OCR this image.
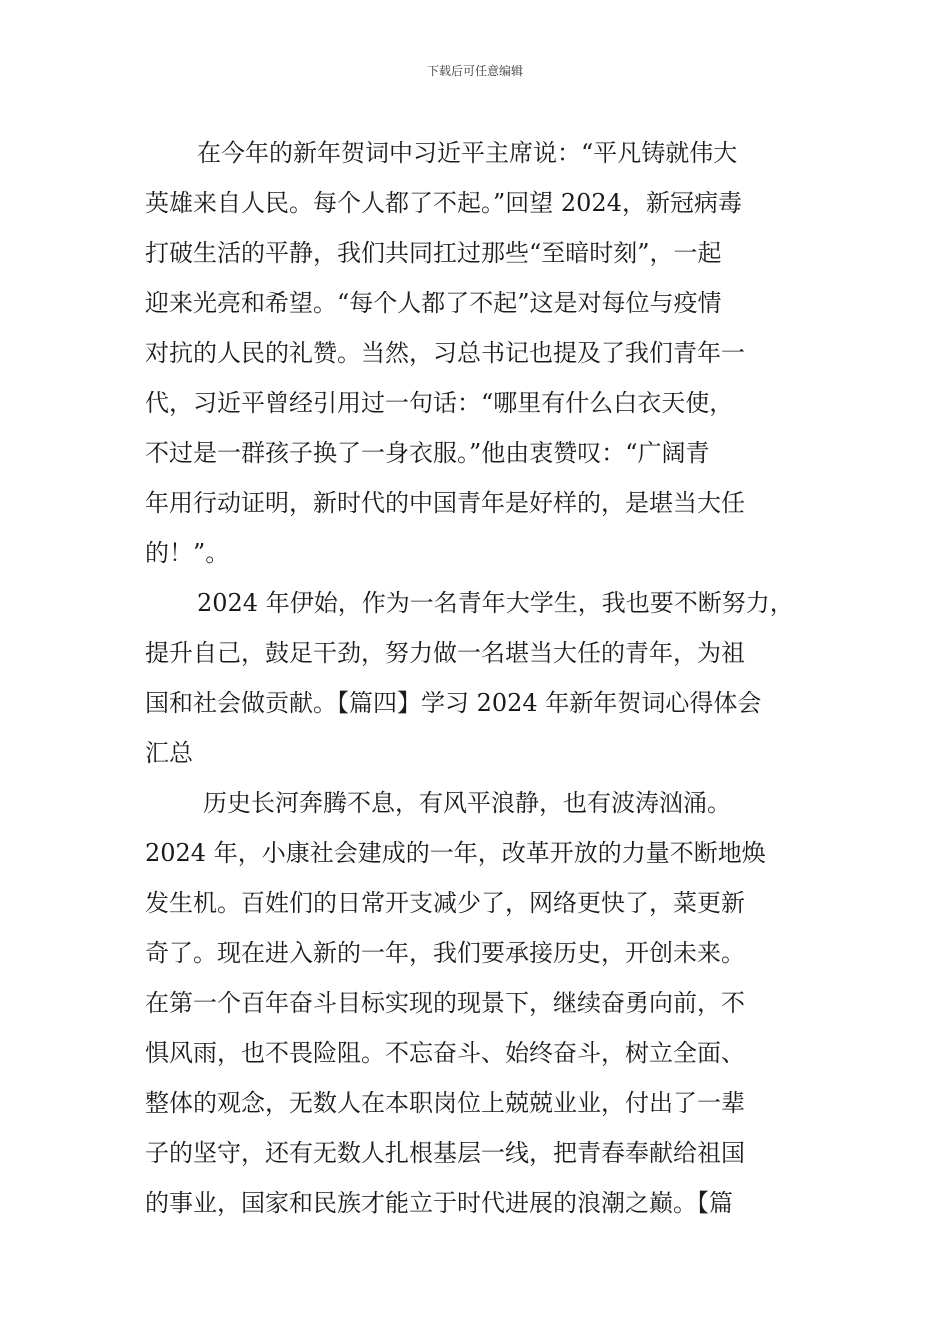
下载后可任意编辑
在今年的新年贺词中习近平主席说：“平凡铸就伟大
英雄来自人民。每个人都了不起。”回望 2024，新冠病毒
打破生活的平静，我们共同扛过那些“至暗时刻”，一起
迎来光亮和希望。“每个人都了不起”这是对每位与疫情
对抗的人民的礼赞。当然，习总书记也提及了我们青年一
代，习近平曾经引用过一句话：“哪里有什么白衣天使，
不过是一群孩子换了一身衣服。”他由衷赞叹：“广阔青
年用行动证明，新时代的中国青年是好样的，是堪当大任
的！”。
2024 年伊始，作为一名青年大学生，我也要不断努力，
提升自己，鼓足干劲，努力做一名堪当大任的青年，为祖
国和社会做贡献。【篇四】学习 2024 年新年贺词心得体会
汇总
历史长河奔腾不息，有风平浪静，也有波涛汹涌。
2024 年，小康社会建成的一年，改革开放的力量不断地焕
发生机。百姓们的日常开支减少了，网络更快了，菜更新
奇了。现在进入新的一年，我们要承接历史，开创未来。
在第一个百年奋斗目标实现的现景下，继续奋勇向前，不
惧风雨，也不畏险阻。不忘奋斗、始终奋斗，树立全面、
整体的观念，无数人在本职岗位上兢兢业业，付出了一辈
子的坚守，还有无数人扎根基层一线，把青春奉献给祖国
的事业，国家和民族才能立于时代进展的浪潮之巅。【篇
